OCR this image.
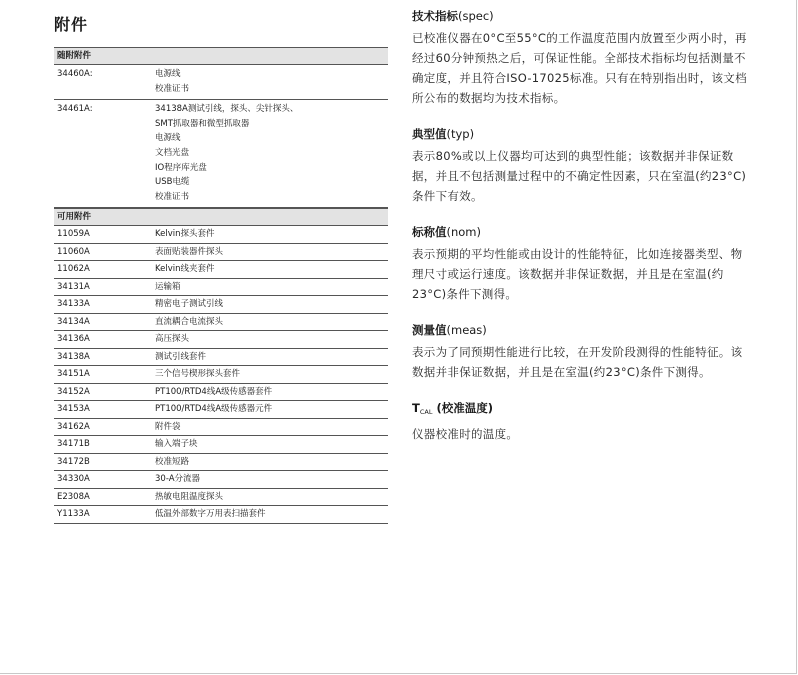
附件
随附附件
34460A:	电源线
校准证书
34461A:	34138A测试引线，探头、尖针探头、
SMT抓取器和微型抓取器
电源线
文档光盘
IO程序库光盘
USB电缆
校准证书
可用附件
11059A	Kelvin探头套件
11060A	表面贴装器件探头
11062A	Kelvin线夹套件
34131A	运输箱
34133A	精密电子测试引线
34134A	直流耦合电流探头
34136A	高压探头
34138A	测试引线套件
34151A	三个信号楔形探头套件
34152A	PT100/RTD4线A级传感器套件
34153A	PT100/RTD4线A级传感器元件
34162A	附件袋
34171B	输入端子块
34172B	校准短路
34330A	30-A分流器
E2308A	热敏电阻温度探头
Y1133A	低温外部数字万用表扫描套件
技术指标(spec)
已校准仪器在0°C至55°C的工作温度范围内放置至少两小时，再经过60分钟预热之后，可保证性能。全部技术指标均包括测量不确定度，并且符合ISO-17025标准。只有在特别指出时，该文档所公布的数据均为技术指标。
典型值(typ)
表示80%或以上仪器均可达到的典型性能；该数据并非保证数据，并且不包括测量过程中的不确定性因素，只在室温(约23°C)条件下有效。
标称值(nom)
表示预期的平均性能或由设计的性能特征，比如连接器类型、物理尺寸或运行速度。该数据并非保证数据，并且是在室温(约23°C)条件下测得。
测量值(meas)
表示为了同预期性能进行比较，在开发阶段测得的性能特征。该数据并非保证数据，并且是在室温(约23°C)条件下测得。
TCAL (校准温度)
仪器校准时的温度。
